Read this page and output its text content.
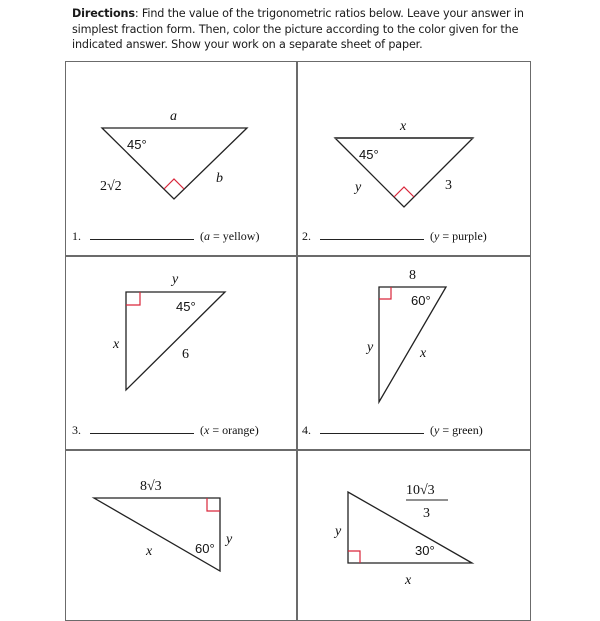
Directions: Find the value of the trigonometric ratios below. Leave your answer in simplest fraction form. Then, color the picture according to the color given for the indicated answer. Show your work on a separate sheet of paper.
a
45°
2√2
b
x
45°
y	3
y
45°
x
6
8
60°
y	x
8√3
60°
y
x
10√3
3
30°
y
x
1.	(a = yellow)	2.	(y = purple)
3.	(x = orange)	4.	(y = green)
